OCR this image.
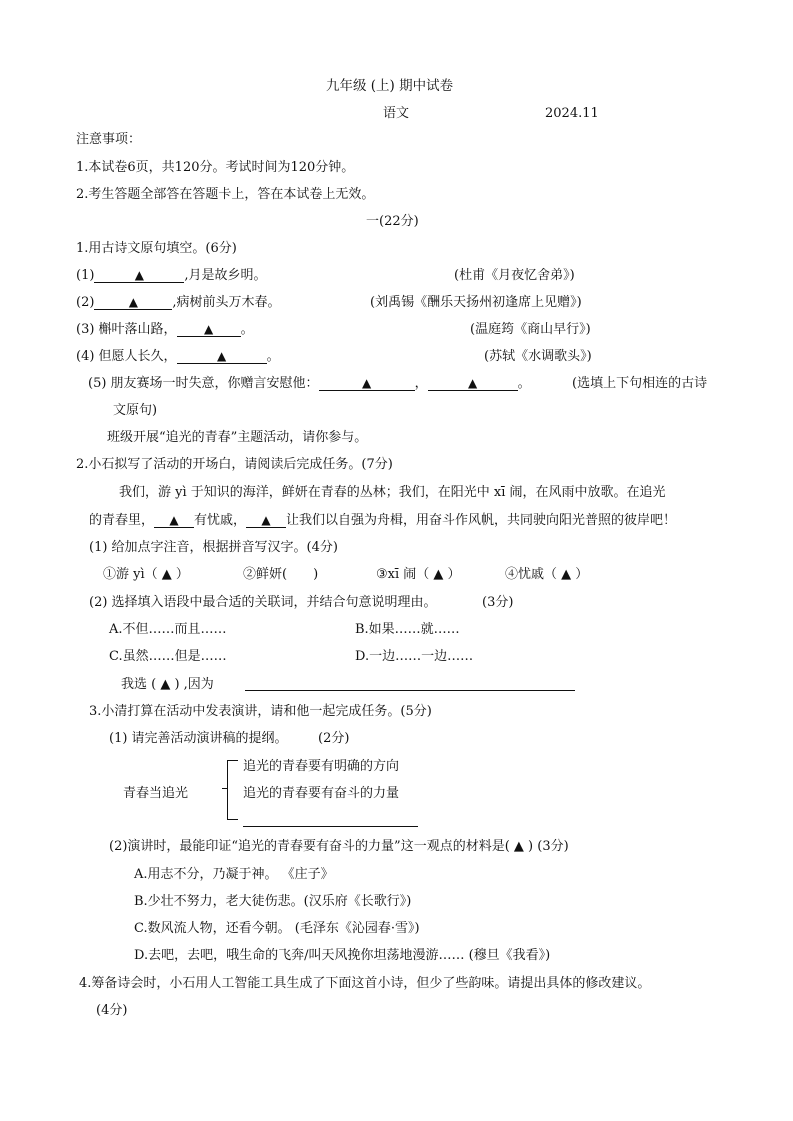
九年级 (上) 期中试卷
语文	2024.11
注意事项：
1.本试卷6页，共120分。考试时间为120分钟。
2.考生答题全部答在答题卡上，答在本试卷上无效。
一(22分)
1.用古诗文原句填空。(6分)
(1)	▲	,月是故乡明。	(杜甫《月夜忆舍弟》)
(2)	▲	,病树前头万木春。	(刘禹锡《酬乐天扬州初逢席上见赠》)
(3) 槲叶落山路， ▲ 。	(温庭筠《商山早行》)
(4) 但愿人长久，	▲	。	(苏轼《水调歌头》)
(5) 朋友赛场一时失意，你赠言安慰他：	▲	，	▲	。	(选填上下句相连的古诗
文原句)
班级开展“追光的青春”主题活动，请你参与。
2.小石拟写了活动的开场白，请阅读后完成任务。(7分)
我们，游 yì 于知识的海洋，鲜妍在青春的丛林；我们，在阳光中 xī 闹，在风雨中放歌。在追光
的青春里， ▲ 有忧戚， ▲ 让我们以自强为舟楫，用奋斗作风帆，共同驶向阳光普照的彼岸吧！
(1) 给加点字注音，根据拼音写汉字。(4分)
①游 yì（ ▲ ）	②鲜妍(　　)	③xī 闹（ ▲ ）	④忧戚（ ▲ ）
(2) 选择填入语段中最合适的关联词，并结合句意说明理由。	(3分)
A.不但……而且……	B.如果……就……
C.虽然……但是……	D.一边……一边……
我选 ( ▲ ) ,因为
3.小清打算在活动中发表演讲，请和他一起完成任务。(5分)
(1) 请完善活动演讲稿的提纲。 (2分)
青春当追光
追光的青春要有明确的方向
追光的青春要有奋斗的力量
(2)演讲时，最能印证“追光的青春要有奋斗的力量”这一观点的材料是( ▲ ) (3分)
A.用志不分，乃凝于神。 《庄子》
B.少壮不努力，老大徒伤悲。(汉乐府《长歌行》)
C.数风流人物，还看今朝。 (毛泽东《沁园春·雪》)
D.去吧，去吧，哦生命的飞奔/叫天风挽你坦荡地漫游…… (穆旦《我看》)
4.筹备诗会时，小石用人工智能工具生成了下面这首小诗，但少了些韵味。请提出具体的修改建议。
(4分)
